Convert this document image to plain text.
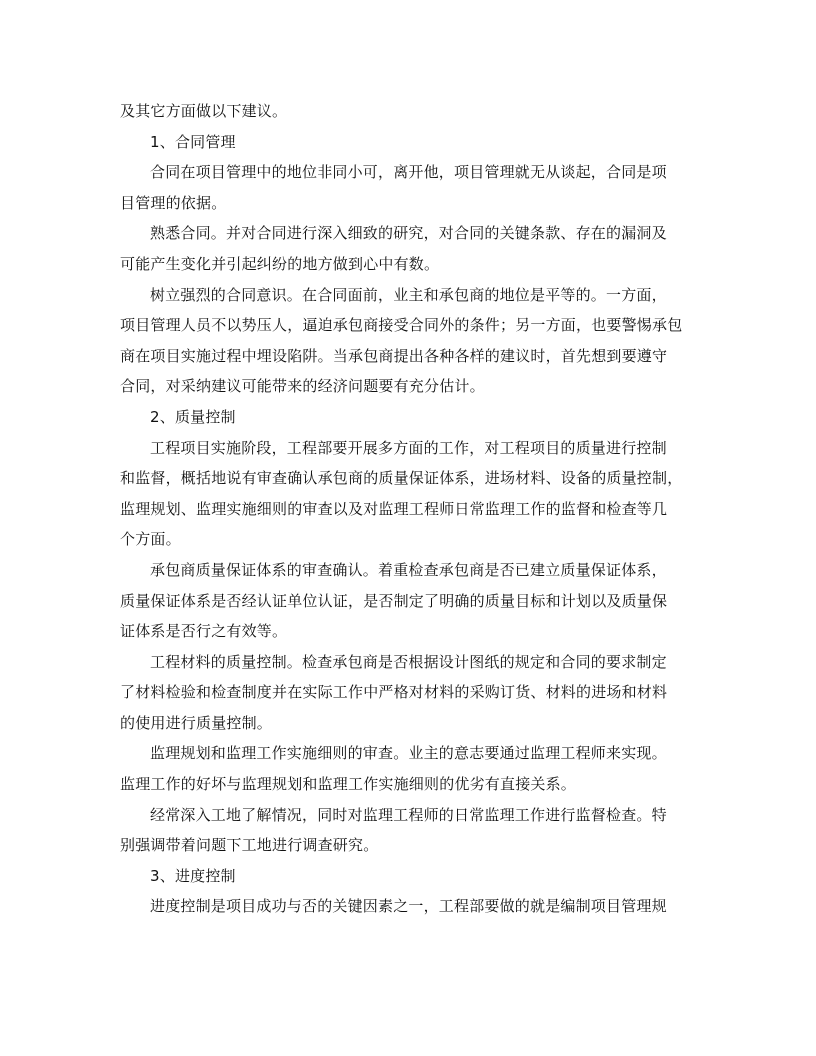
及其它方面做以下建议。
1、合同管理
合同在项目管理中的地位非同小可，离开他，项目管理就无从谈起，合同是项
目管理的依据。
熟悉合同。并对合同进行深入细致的研究，对合同的关键条款、存在的漏洞及
可能产生变化并引起纠纷的地方做到心中有数。
树立强烈的合同意识。在合同面前，业主和承包商的地位是平等的。一方面，
项目管理人员不以势压人，逼迫承包商接受合同外的条件；另一方面，也要警惕承包
商在项目实施过程中埋设陷阱。当承包商提出各种各样的建议时，首先想到要遵守
合同，对采纳建议可能带来的经济问题要有充分估计。
2、质量控制
工程项目实施阶段，工程部要开展多方面的工作，对工程项目的质量进行控制
和监督，概括地说有审查确认承包商的质量保证体系，进场材料、设备的质量控制，
监理规划、监理实施细则的审查以及对监理工程师日常监理工作的监督和检查等几
个方面。
承包商质量保证体系的审查确认。着重检查承包商是否已建立质量保证体系，
质量保证体系是否经认证单位认证，是否制定了明确的质量目标和计划以及质量保
证体系是否行之有效等。
工程材料的质量控制。检查承包商是否根据设计图纸的规定和合同的要求制定
了材料检验和检查制度并在实际工作中严格对材料的采购订货、材料的进场和材料
的使用进行质量控制。
监理规划和监理工作实施细则的审查。业主的意志要通过监理工程师来实现。
监理工作的好坏与监理规划和监理工作实施细则的优劣有直接关系。
经常深入工地了解情况，同时对监理工程师的日常监理工作进行监督检查。特
别强调带着问题下工地进行调查研究。
3、进度控制
进度控制是项目成功与否的关键因素之一，工程部要做的就是编制项目管理规
